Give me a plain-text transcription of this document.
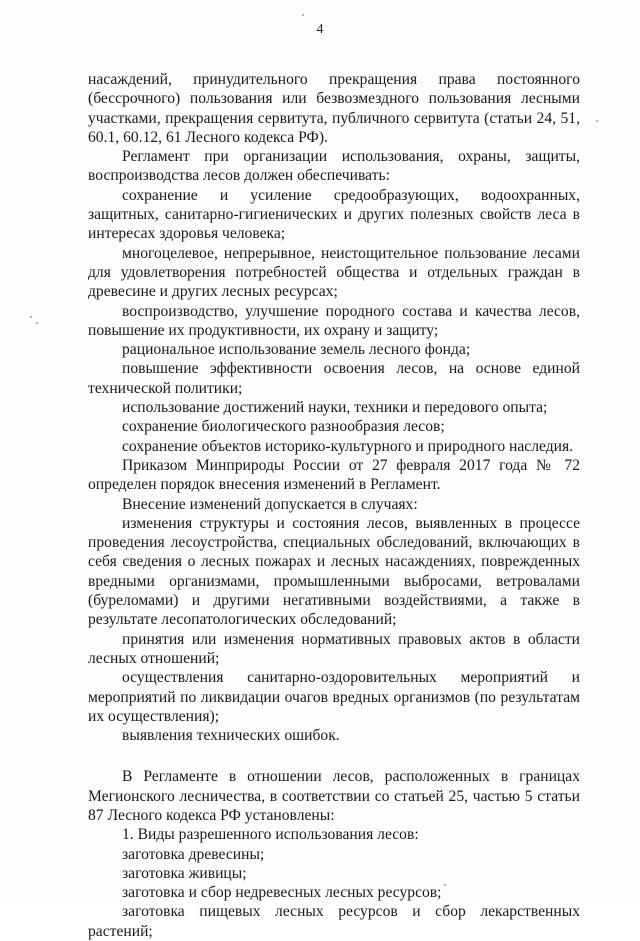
4

насаждений, принудительного прекращения права постоянного (бессрочного) пользования или безвозмездного пользования лесными участками, прекращения сервитута, публичного сервитута (статьи 24, 51, 60.1, 60.12, 61 Лесного кодекса РФ).

Регламент при организации использования, охраны, защиты, воспроизводства лесов должен обеспечивать:

сохранение и усиление средообразующих, водоохранных, защитных, санитарно-гигиенических и других полезных свойств леса в интересах здоровья человека;

многоцелевое, непрерывное, неистощительное пользование лесами для удовлетворения потребностей общества и отдельных граждан в древесине и других лесных ресурсах;

воспроизводство, улучшение породного состава и качества лесов, повышение их продуктивности, их охрану и защиту;

рациональное использование земель лесного фонда;

повышение эффективности освоения лесов, на основе единой технической политики;

использование достижений науки, техники и передового опыта;

сохранение биологического разнообразия лесов;

сохранение объектов историко-культурного и природного наследия.

Приказом Минприроды России от 27 февраля 2017 года № 72 определен порядок внесения изменений в Регламент.

Внесение изменений допускается в случаях:

изменения структуры и состояния лесов, выявленных в процессе проведения лесоустройства, специальных обследований, включающих в себя сведения о лесных пожарах и лесных насаждениях, поврежденных вредными организмами, промышленными выбросами, ветровалами (буреломами) и другими негативными воздействиями, а также в результате лесопатологических обследований;

принятия или изменения нормативных правовых актов в области лесных отношений;

осуществления санитарно-оздоровительных мероприятий и мероприятий по ликвидации очагов вредных организмов (по результатам их осуществления);

выявления технических ошибок.

В Регламенте в отношении лесов, расположенных в границах Мегионского лесничества, в соответствии со статьей 25, частью 5 статьи 87 Лесного кодекса РФ установлены:

1. Виды разрешенного использования лесов:

заготовка древесины;

заготовка живицы;

заготовка и сбор недревесных лесных ресурсов;

заготовка пищевых лесных ресурсов и сбор лекарственных растений;
